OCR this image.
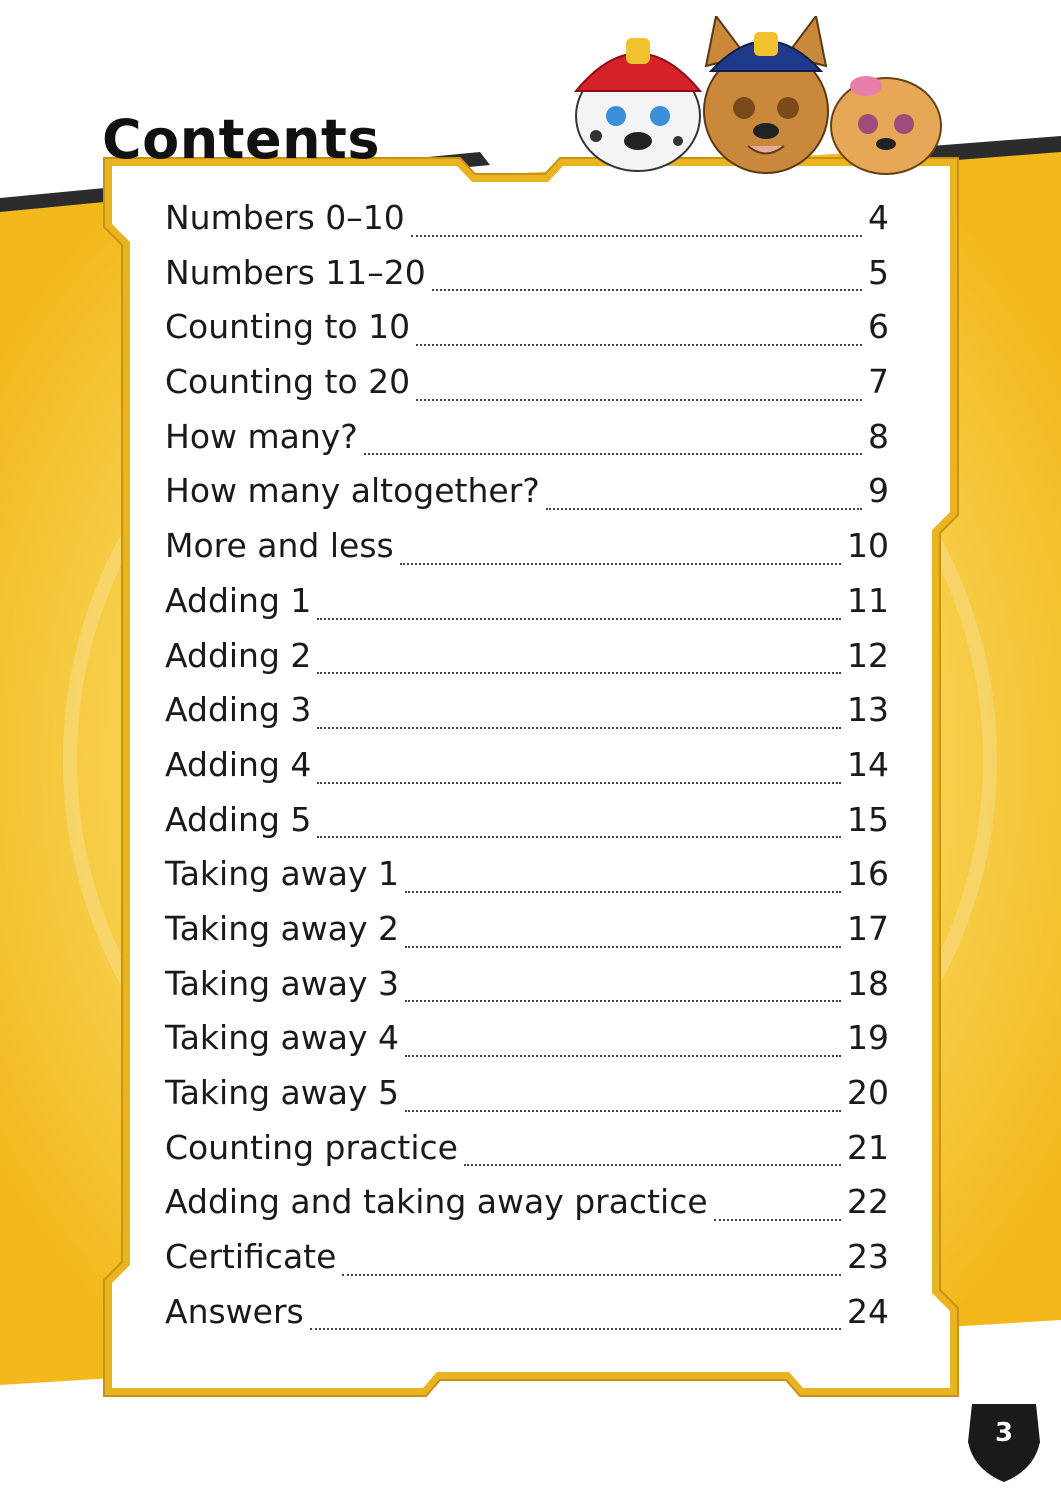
Contents
Numbers 0–10	4
Numbers 11–20	5
Counting to 10	6
Counting to 20	7
How many?	8
How many altogether?	9
More and less	10
Adding 1	11
Adding 2	12
Adding 3	13
Adding 4	14
Adding 5	15
Taking away 1	16
Taking away 2	17
Taking away 3	18
Taking away 4	19
Taking away 5	20
Counting practice	21
Adding and taking away practice	22
Certificate	23
Answers	24
3
